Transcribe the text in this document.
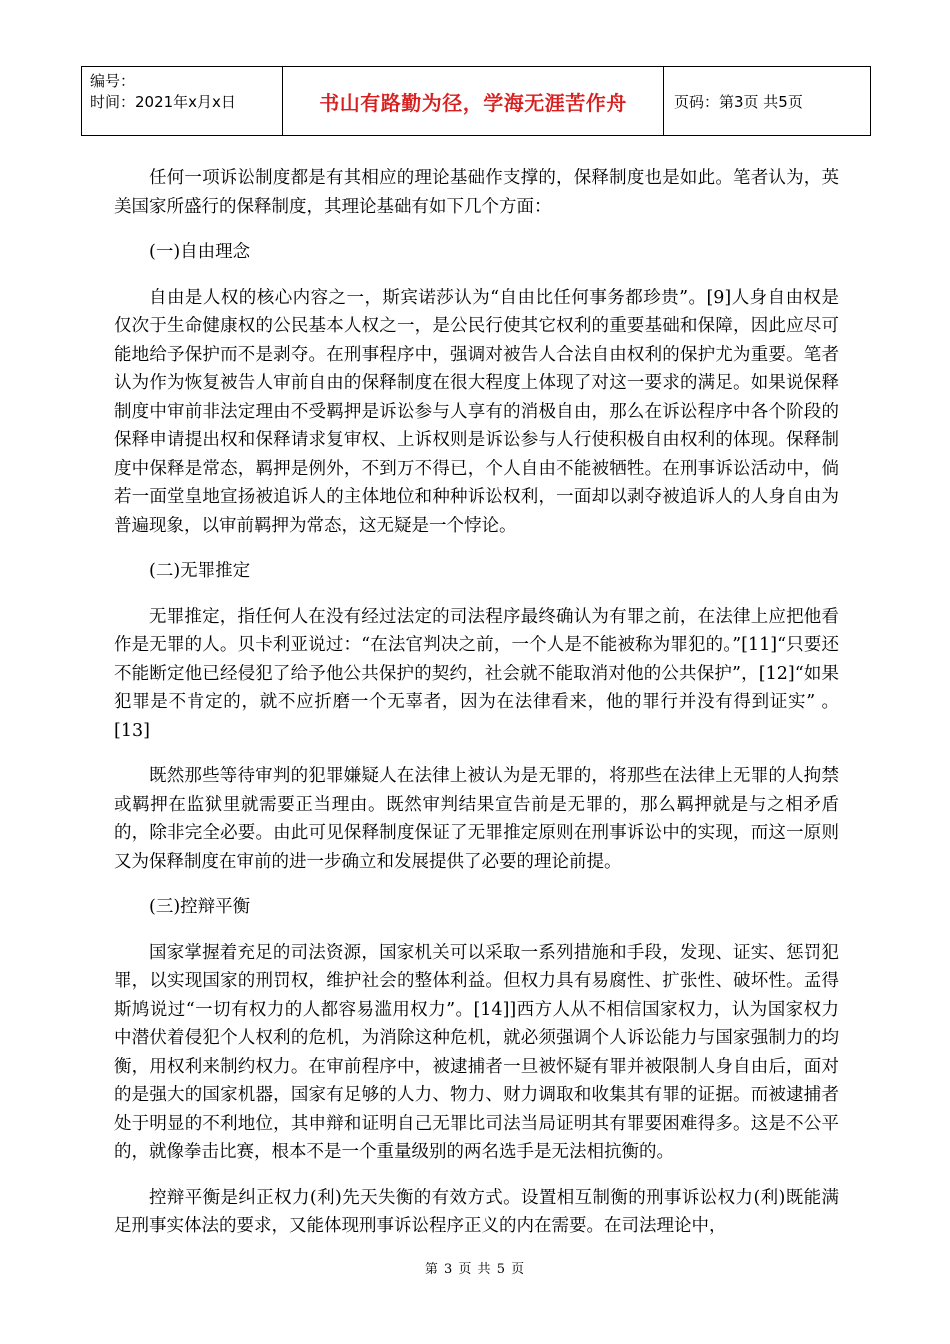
编号：
时间：2021年x月x日	书山有路勤为径，学海无涯苦作舟	页码：第3页 共5页

任何一项诉讼制度都是有其相应的理论基础作支撑的，保释制度也是如此。笔者认为，英美国家所盛行的保释制度，其理论基础有如下几个方面：

(一)自由理念

自由是人权的核心内容之一，斯宾诺莎认为“自由比任何事务都珍贵”。[9]人身自由权是仅次于生命健康权的公民基本人权之一，是公民行使其它权利的重要基础和保障，因此应尽可能地给予保护而不是剥夺。在刑事程序中，强调对被告人合法自由权利的保护尤为重要。笔者认为作为恢复被告人审前自由的保释制度在很大程度上体现了对这一要求的满足。如果说保释制度中审前非法定理由不受羁押是诉讼参与人享有的消极自由，那么在诉讼程序中各个阶段的保释申请提出权和保释请求复审权、上诉权则是诉讼参与人行使积极自由权利的体现。保释制度中保释是常态，羁押是例外，不到万不得已，个人自由不能被牺牲。在刑事诉讼活动中，倘若一面堂皇地宣扬被追诉人的主体地位和种种诉讼权利，一面却以剥夺被追诉人的人身自由为普遍现象，以审前羁押为常态，这无疑是一个悖论。

(二)无罪推定

无罪推定，指任何人在没有经过法定的司法程序最终确认为有罪之前，在法律上应把他看作是无罪的人。贝卡利亚说过：“在法官判决之前，一个人是不能被称为罪犯的。”[11]“只要还不能断定他已经侵犯了给予他公共保护的契约，社会就不能取消对他的公共保护”，[12]“如果犯罪是不肯定的，就不应折磨一个无辜者，因为在法律看来，他的罪行并没有得到证实” 。[13]

既然那些等待审判的犯罪嫌疑人在法律上被认为是无罪的，将那些在法律上无罪的人拘禁或羁押在监狱里就需要正当理由。既然审判结果宣告前是无罪的，那么羁押就是与之相矛盾的，除非完全必要。由此可见保释制度保证了无罪推定原则在刑事诉讼中的实现，而这一原则又为保释制度在审前的进一步确立和发展提供了必要的理论前提。

(三)控辩平衡

国家掌握着充足的司法资源，国家机关可以采取一系列措施和手段，发现、证实、惩罚犯罪，以实现国家的刑罚权，维护社会的整体利益。但权力具有易腐性、扩张性、破坏性。孟得斯鸠说过“一切有权力的人都容易滥用权力”。[14]]西方人从不相信国家权力，认为国家权力中潜伏着侵犯个人权利的危机，为消除这种危机，就必须强调个人诉讼能力与国家强制力的均衡，用权利来制约权力。在审前程序中，被逮捕者一旦被怀疑有罪并被限制人身自由后，面对的是强大的国家机器，国家有足够的人力、物力、财力调取和收集其有罪的证据。而被逮捕者处于明显的不利地位，其申辩和证明自己无罪比司法当局证明其有罪要困难得多。这是不公平的，就像拳击比赛，根本不是一个重量级别的两名选手是无法相抗衡的。

控辩平衡是纠正权力(利)先天失衡的有效方式。设置相互制衡的刑事诉讼权力(利)既能满足刑事实体法的要求，又能体现刑事诉讼程序正义的内在需要。在司法理论中，

第 3 页 共 5 页
